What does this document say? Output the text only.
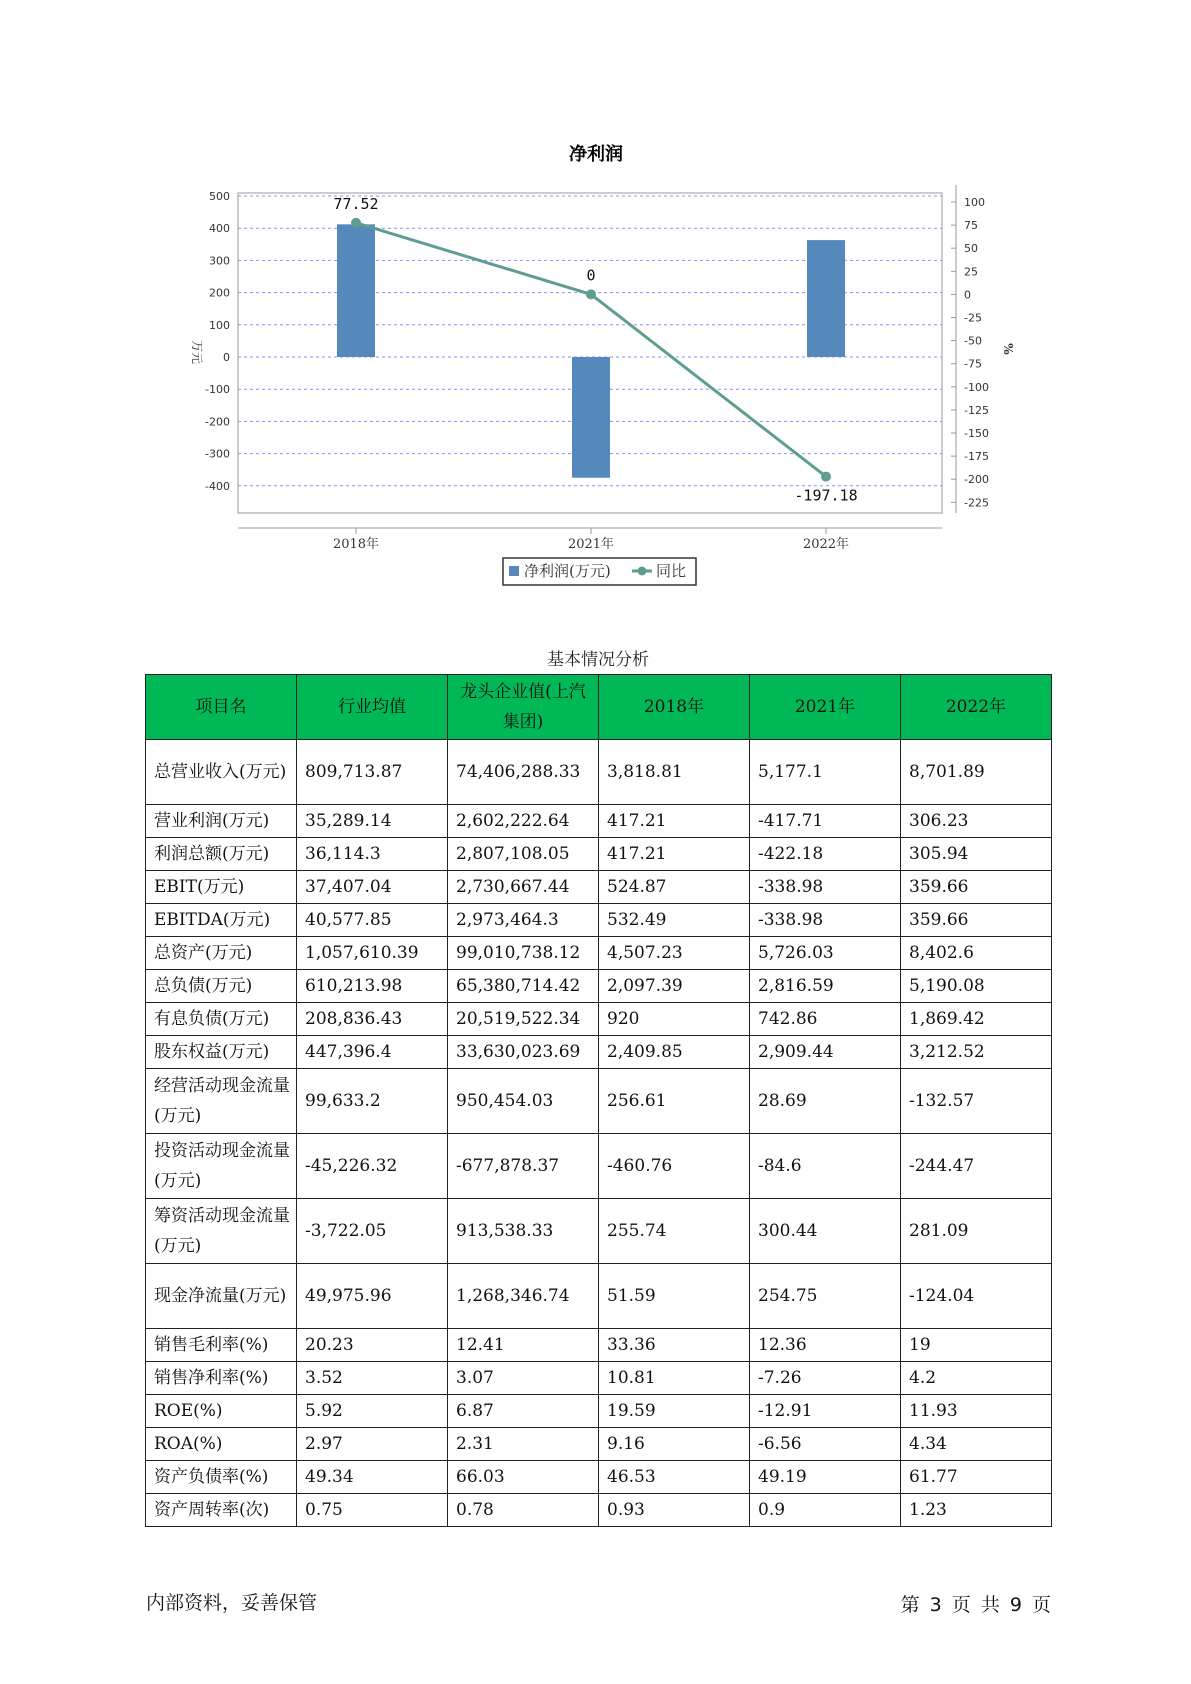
净利润
500
400
300
200
100
0
-100
-200
-300
-400
万元
100
75
50
25
0
-25
-50
-75
-100
-125
-150
-175
-200
-225
%
2018年	2021年	2022年
77.52
0
-197.18
净利润(万元)	同比
基本情况分析
项目名	行业均值	龙头企业值(上汽集团)	2018年	2021年	2022年
总营业收入(万元)	809,713.87	74,406,288.33	3,818.81	5,177.1	8,701.89
营业利润(万元)	35,289.14	2,602,222.64	417.21	-417.71	306.23
利润总额(万元)	36,114.3	2,807,108.05	417.21	-422.18	305.94
EBIT(万元)	37,407.04	2,730,667.44	524.87	-338.98	359.66
EBITDA(万元)	40,577.85	2,973,464.3	532.49	-338.98	359.66
总资产(万元)	1,057,610.39	99,010,738.12	4,507.23	5,726.03	8,402.6
总负债(万元)	610,213.98	65,380,714.42	2,097.39	2,816.59	5,190.08
有息负债(万元)	208,836.43	20,519,522.34	920	742.86	1,869.42
股东权益(万元)	447,396.4	33,630,023.69	2,409.85	2,909.44	3,212.52
经营活动现金流量(万元)	99,633.2	950,454.03	256.61	28.69	-132.57
投资活动现金流量(万元)	-45,226.32	-677,878.37	-460.76	-84.6	-244.47
筹资活动现金流量(万元)	-3,722.05	913,538.33	255.74	300.44	281.09
现金净流量(万元)	49,975.96	1,268,346.74	51.59	254.75	-124.04
销售毛利率(%)	20.23	12.41	33.36	12.36	19
销售净利率(%)	3.52	3.07	10.81	-7.26	4.2
ROE(%)	5.92	6.87	19.59	-12.91	11.93
ROA(%)	2.97	2.31	9.16	-6.56	4.34
资产负债率(%)	49.34	66.03	46.53	49.19	61.77
资产周转率(次)	0.75	0.78	0.93	0.9	1.23
内部资料，妥善保管	第 3 页 共 9 页
